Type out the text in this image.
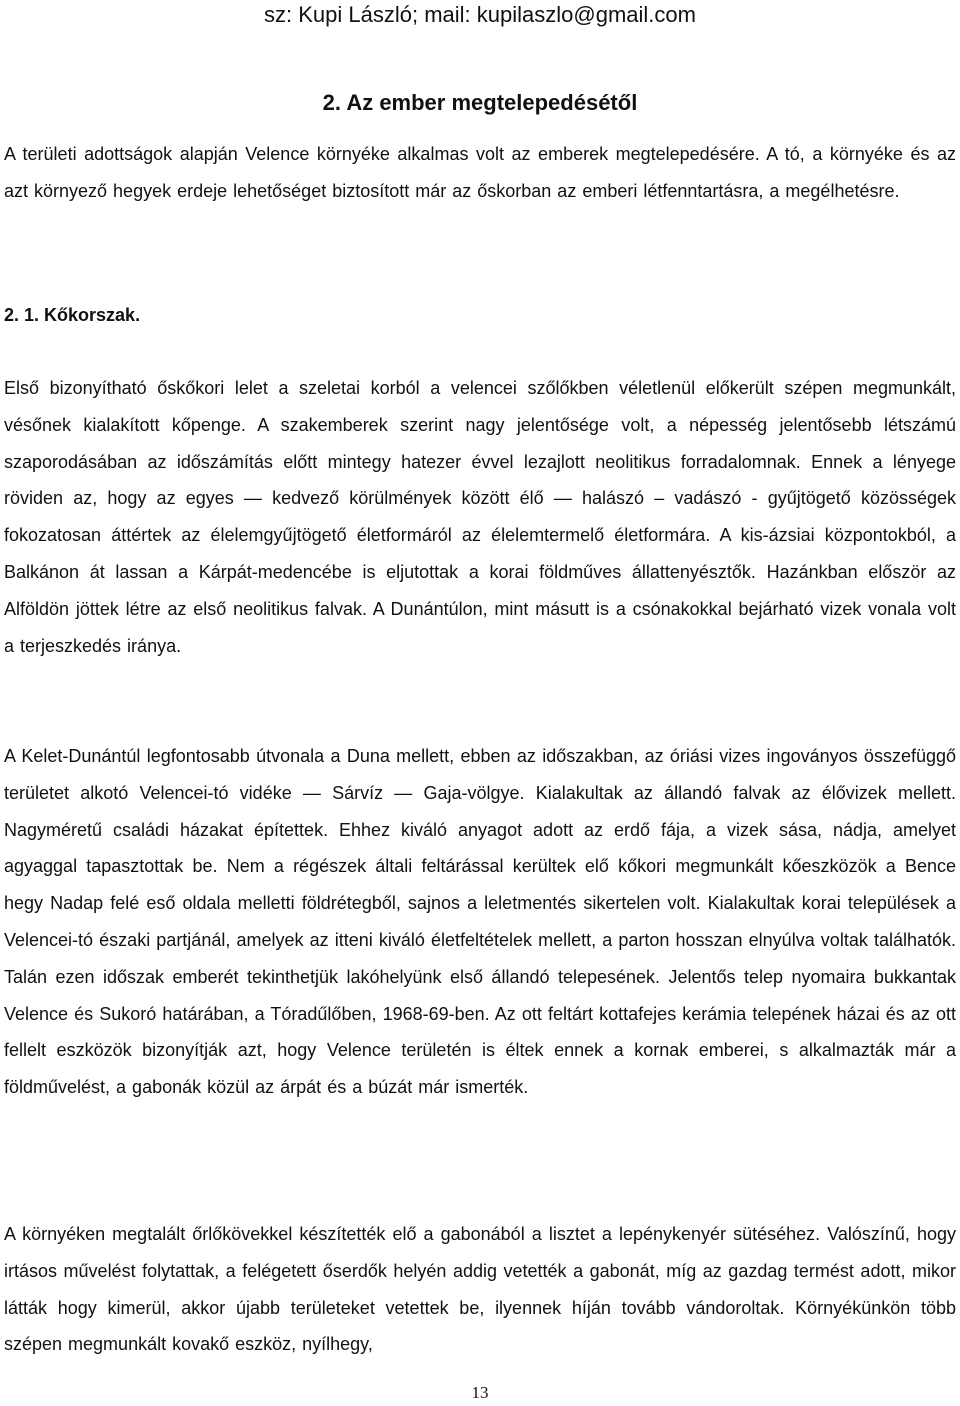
sz: Kupi László; mail: kupilaszlo@gmail.com
2. Az ember megtelepedésétől

A területi adottságok alapján Velence környéke alkalmas volt az emberek megtelepedésére. A tó, a környéke és az azt környező hegyek erdeje lehetőséget biztosított már az őskorban az emberi létfenntartásra, a megélhetésre.

2. 1. Kőkorszak.

Első bizonyítható őskőkori lelet a szeletai korból a velencei szőlőkben véletlenül előkerült szépen megmunkált, vésőnek kialakított kőpenge. A szakemberek szerint nagy jelentősége volt, a népesség jelentősebb létszámú szaporodásában az időszámítás előtt mintegy hatezer évvel lezajlott neolitikus forradalomnak. Ennek a lényege röviden az, hogy az egyes — kedvező körülmények között élő — halászó – vadászó - gyűjtögető közösségek fokozatosan áttértek az élelemgyűjtögető életformáról az élelemtermelő életformára. A kis-ázsiai központokból, a Balkánon át lassan a Kárpát-medencébe is eljutottak a korai földműves állattenyésztők. Hazánkban először az Alföldön jöttek létre az első neolitikus falvak. A Dunántúlon, mint másutt is a csónakokkal bejárható vizek vonala volt a terjeszkedés iránya.

A Kelet-Dunántúl legfontosabb útvonala a Duna mellett, ebben az időszakban, az óriási vizes ingoványos összefüggő területet alkotó Velencei-tó vidéke — Sárvíz — Gaja-völgye. Kialakultak az állandó falvak az élővizek mellett. Nagyméretű családi házakat építettek. Ehhez kiváló anyagot adott az erdő fája, a vizek sása, nádja, amelyet agyaggal tapasztottak be. Nem a régészek általi feltárással kerültek elő kőkori megmunkált kőeszközök a Bence hegy Nadap felé eső oldala melletti földrétegből, sajnos a leletmentés sikertelen volt. Kialakultak korai települések a Velencei-tó északi partjánál, amelyek az itteni kiváló életfeltételek mellett, a parton hosszan elnyúlva voltak találhatók. Talán ezen időszak emberét tekinthetjük lakóhelyünk első állandó telepesének. Jelentős telep nyomaira bukkantak Velence és Sukoró határában, a Tóradűlőben, 1968-69-ben. Az ott feltárt kottafejes kerámia telepének házai és az ott fellelt eszközök bizonyítják azt, hogy Velence területén is éltek ennek a kornak emberei, s alkalmazták már a földművelést, a gabonák közül az árpát és a búzát már ismerték.

A környéken megtalált őrlőkövekkel készítették elő a gabonából a lisztet a lepénykenyér sütéséhez. Valószínű, hogy irtásos művelést folytattak, a felégetett őserdők helyén addig vetették a gabonát, míg az gazdag termést adott, mikor látták hogy kimerül, akkor újabb területeket vetettek be, ilyennek híján tovább vándoroltak. Környékünkön több szépen megmunkált kovakő eszköz, nyílhegy,

13
